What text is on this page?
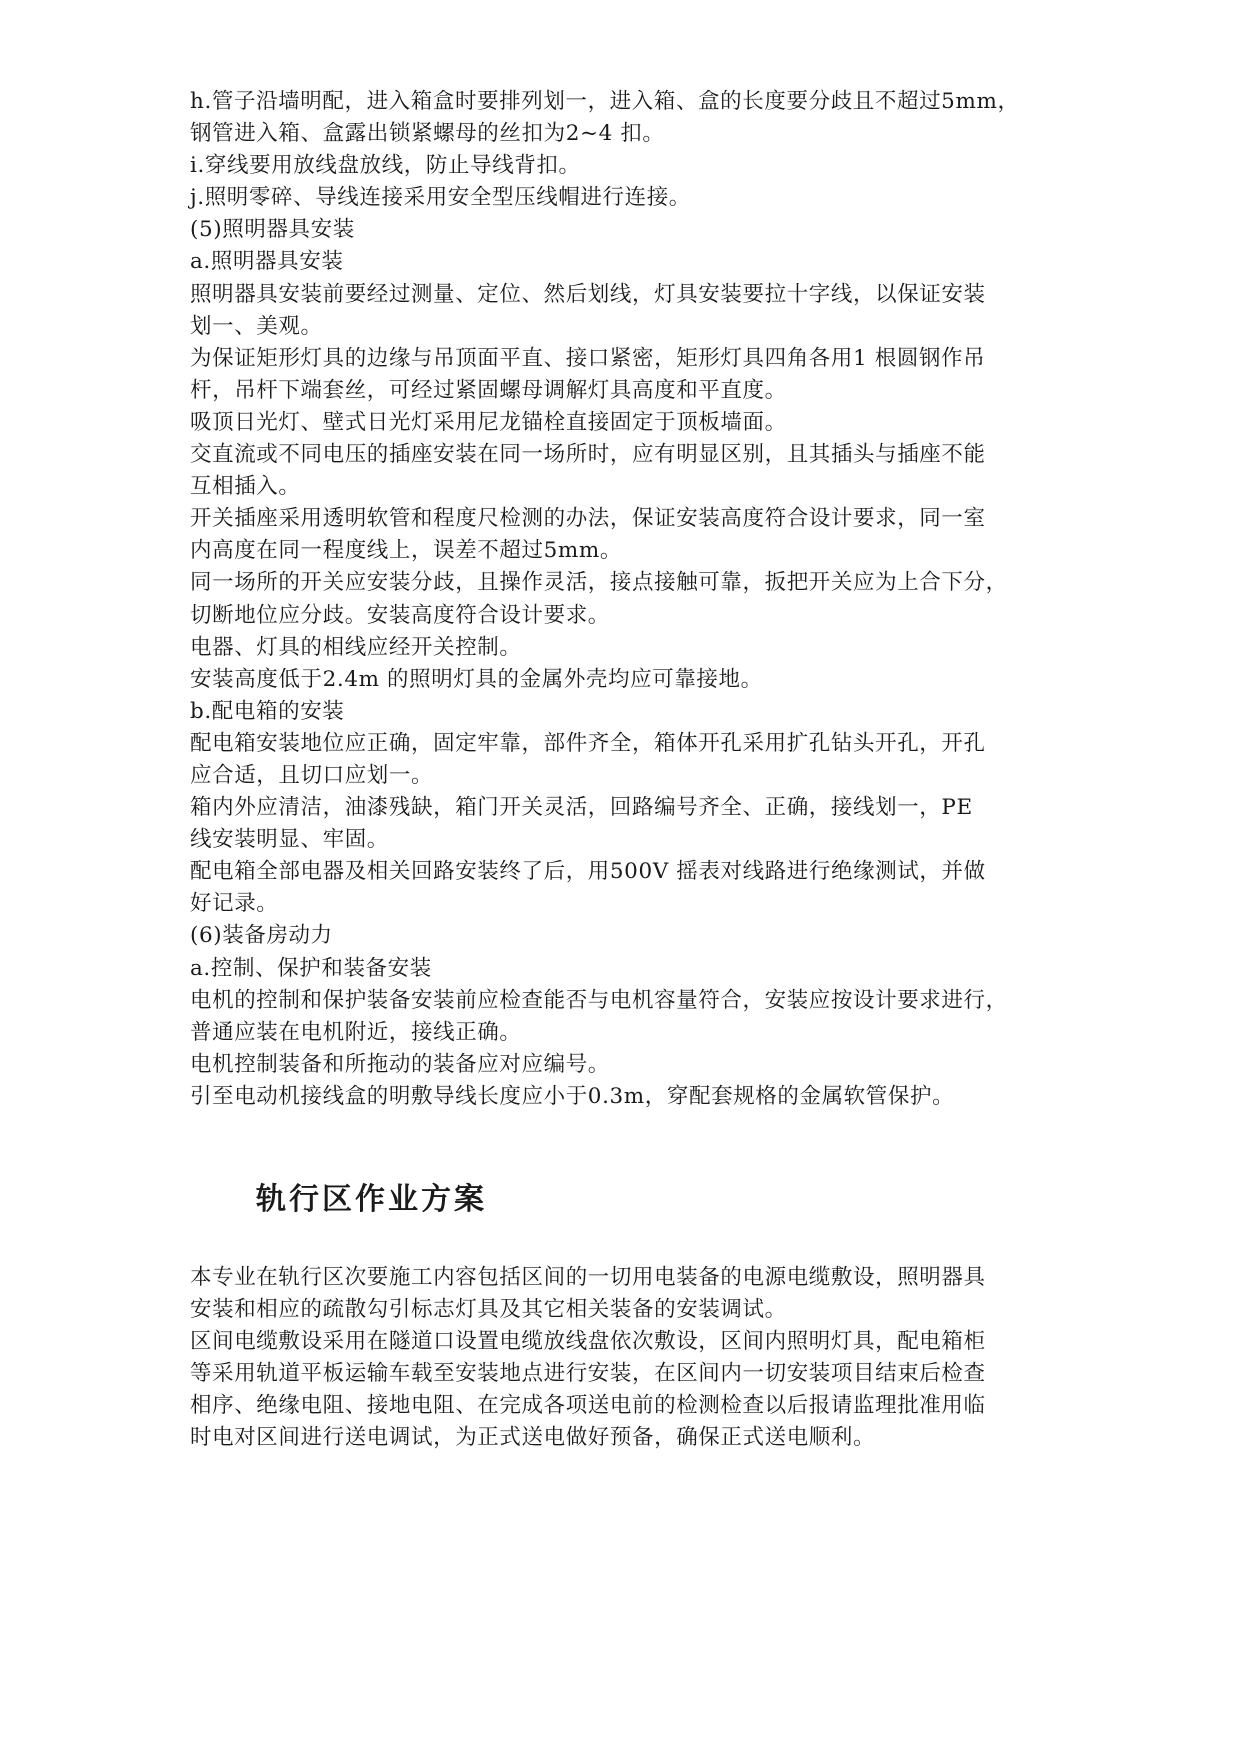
h.管子沿墙明配，进入箱盒时要排列划一，进入箱、盒的长度要分歧且不超过5mm，
钢管进入箱、盒露出锁紧螺母的丝扣为2~4 扣。
i.穿线要用放线盘放线，防止导线背扣。
j.照明零碎、导线连接采用安全型压线帽进行连接。
(5)照明器具安装
a.照明器具安装
照明器具安装前要经过测量、定位、然后划线，灯具安装要拉十字线，以保证安装
划一、美观。
为保证矩形灯具的边缘与吊顶面平直、接口紧密，矩形灯具四角各用1 根圆钢作吊
杆，吊杆下端套丝，可经过紧固螺母调解灯具高度和平直度。
吸顶日光灯、壁式日光灯采用尼龙锚栓直接固定于顶板墙面。
交直流或不同电压的插座安装在同一场所时，应有明显区别，且其插头与插座不能
互相插入。
开关插座采用透明软管和程度尺检测的办法，保证安装高度符合设计要求，同一室
内高度在同一程度线上，误差不超过5mm。
同一场所的开关应安装分歧，且操作灵活，接点接触可靠，扳把开关应为上合下分，
切断地位应分歧。安装高度符合设计要求。
电器、灯具的相线应经开关控制。
安装高度低于2.4m 的照明灯具的金属外壳均应可靠接地。
b.配电箱的安装
配电箱安装地位应正确，固定牢靠，部件齐全，箱体开孔采用扩孔钻头开孔，开孔
应合适，且切口应划一。
箱内外应清洁，油漆残缺，箱门开关灵活，回路编号齐全、正确，接线划一，PE
线安装明显、牢固。
配电箱全部电器及相关回路安装终了后，用500V 摇表对线路进行绝缘测试，并做
好记录。
(6)装备房动力
a.控制、保护和装备安装
电机的控制和保护装备安装前应检查能否与电机容量符合，安装应按设计要求进行，
普通应装在电机附近，接线正确。
电机控制装备和所拖动的装备应对应编号。
引至电动机接线盒的明敷导线长度应小于0.3m，穿配套规格的金属软管保护。
轨行区作业方案
本专业在轨行区次要施工内容包括区间的一切用电装备的电源电缆敷设，照明器具
安装和相应的疏散勾引标志灯具及其它相关装备的安装调试。
区间电缆敷设采用在隧道口设置电缆放线盘依次敷设，区间内照明灯具，配电箱柜
等采用轨道平板运输车载至安装地点进行安装，在区间内一切安装项目结束后检查
相序、绝缘电阻、接地电阻、在完成各项送电前的检测检查以后报请监理批准用临
时电对区间进行送电调试，为正式送电做好预备，确保正式送电顺利。
